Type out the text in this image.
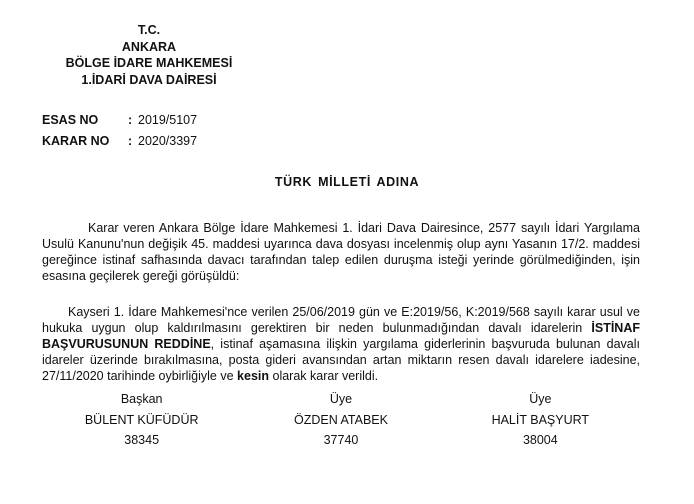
T.C.
ANKARA
BÖLGE İDARE MAHKEMESİ
1.İDARİ DAVA DAİRESİ
ESAS NO	: 2019/5107
KARAR NO	: 2020/3397
TÜRK MİLLETİ ADINA

Karar veren Ankara Bölge İdare Mahkemesi 1. İdari Dava Dairesince, 2577 sayılı İdari Yargılama Usulü Kanunu'nun değişik 45. maddesi uyarınca dava dosyası incelenmiş olup aynı Yasanın 17/2. maddesi gereğince istinaf safhasında davacı tarafından talep edilen duruşma isteği yerinde görülmediğinden, işin esasına geçilerek gereği görüşüldü:

Kayseri 1. İdare Mahkemesi'nce verilen 25/06/2019 gün ve E:2019/56, K:2019/568 sayılı karar usul ve hukuka uygun olup kaldırılmasını gerektiren bir neden bulunmadığından davalı idarelerin İSTİNAF BAŞVURUSUNUN REDDİNE, istinaf aşamasına ilişkin yargılama giderlerinin başvuruda bulunan davalı idareler üzerinde bırakılmasına, posta gideri avansından artan miktarın resen davalı idarelere iadesine, 27/11/2020 tarihinde oybirliğiyle ve kesin olarak karar verildi.

Başkan
BÜLENT KÜFÜDÜR
38345
Üye
ÖZDEN ATABEK
37740
Üye
HALİT BAŞYURT
38004
